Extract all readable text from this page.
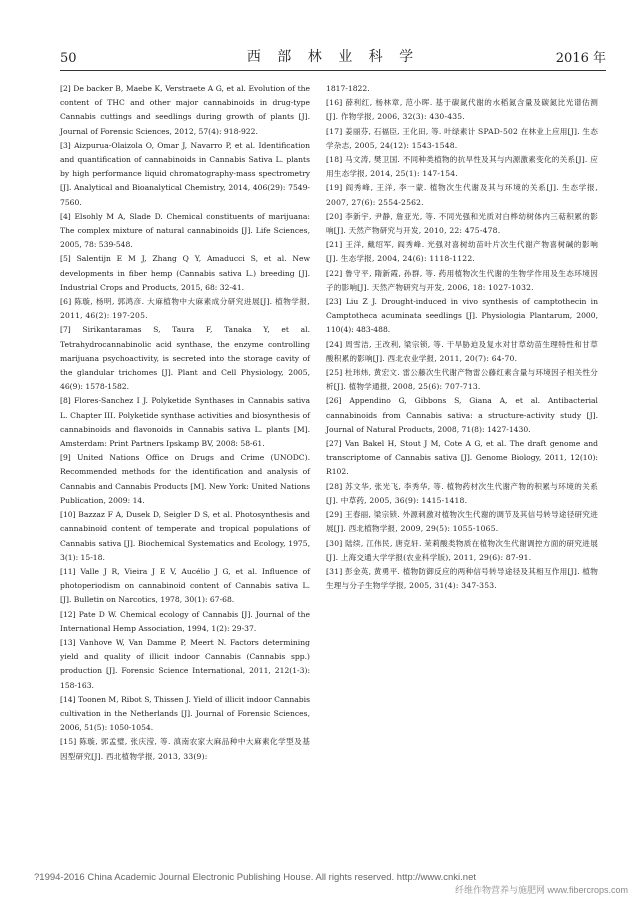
50	西 部 林 业 科 学	2016 年

[2] De backer B, Maebe K, Verstraete A G, et al. Evolution of the content of THC and other major cannabinoids in drug-type Cannabis cuttings and seedlings during growth of plants [J]. Journal of Forensic Sciences, 2012, 57(4): 918-922.

[3] Aizpurua-Olaizola O, Omar J, Navarro P, et al. Identification and quantification of cannabinoids in Cannabis Sativa L. plants by high performance liquid chromatography-mass spectrometry [J]. Analytical and Bioanalytical Chemistry, 2014, 406(29): 7549-7560.

[4] Elsohly M A, Slade D. Chemical constituents of marijuana: The complex mixture of natural cannabinoids [J]. Life Sciences, 2005, 78: 539-548.

[5] Salentijn E M J, Zhang Q Y, Amaducci S, et al. New developments in fiber hemp (Cannabis sativa L.) breeding [J]. Industrial Crops and Products, 2015, 68: 32-41.

[6] 陈璇, 杨明, 郭鸿彦. 大麻植物中大麻素成分研究进展[J]. 植物学报, 2011, 46(2): 197-205.

[7] Sirikantaramas S, Taura F, Tanaka Y, et al. Tetrahydrocannabinolic acid synthase, the enzyme controlling marijuana psychoactivity, is secreted into the storage cavity of the glandular trichomes [J]. Plant and Cell Physiology, 2005, 46(9): 1578-1582.

[8] Flores-Sanchez I J. Polyketide Synthases in Cannabis sativa L. Chapter III. Polyketide synthase activities and biosynthesis of cannabinoids and flavonoids in Cannabis sativa L. plants [M]. Amsterdam: Print Partners Ipskamp BV, 2008: 58-61.

[9] United Nations Office on Drugs and Crime (UNODC). Recommended methods for the identification and analysis of Cannabis and Cannabis Products [M]. New York: United Nations Publication, 2009: 14.

[10] Bazzaz F A, Dusek D, Seigler D S, et al. Photosynthesis and cannabinoid content of temperate and tropical populations of Cannabis sativa [J]. Biochemical Systematics and Ecology, 1975, 3(1): 15-18.

[11] Valle J R, Vieira J E V, Aucélio J G, et al. Influence of photoperiodism on cannabinoid content of Cannabis sativa L. [J]. Bulletin on Narcotics, 1978, 30(1): 67-68.

[12] Pate D W. Chemical ecology of Cannabis [J]. Journal of the International Hemp Association, 1994, 1(2): 29-37.

[13] Vanhove W, Van Damme P, Meert N. Factors determining yield and quality of illicit indoor Cannabis (Cannabis spp.) production [J]. Forensic Science International, 2011, 212(1-3): 158-163.

[14] Toonen M, Ribot S, Thissen J. Yield of illicit indoor Cannabis cultivation in the Netherlands [J]. Journal of Forensic Sciences, 2006, 51(5): 1050-1054.

[15] 陈璇, 郭孟璧, 张庆滢, 等. 滇南农家大麻品种中大麻素化学型及基因型研究[J]. 西北植物学报, 2013, 33(9):

1817-1822.

[16] 薛利红, 杨林章, 范小晖. 基于碳氮代谢的水稻氮含量及碳氮比光谱估测[J]. 作物学报, 2006, 32(3): 430-435.

[17] 姜丽芬, 石福臣, 王化田, 等. 叶绿素计 SPAD-502 在林业上应用[J]. 生态学杂志, 2005, 24(12): 1543-1548.

[18] 马文涛, 樊卫国. 不同种类植物的抗旱性及其与内源激素变化的关系[J]. 应用生态学报, 2014, 25(1): 147-154.

[19] 阎秀峰, 王洋, 李一蒙. 植物次生代谢及其与环境的关系[J]. 生态学报, 2007, 27(6): 2554-2562.

[20] 李新宇, 尹静, 詹亚光, 等. 不同光强和光质对白桦幼树体内三萜积累的影响[J]. 天然产物研究与开发, 2010, 22: 475-478.

[21] 王洋, 戴绍军, 阎秀峰. 光强对喜树幼苗叶片次生代谢产物喜树碱的影响[J]. 生态学报, 2004, 24(6): 1118-1122.

[22] 鲁守平, 隋新霞, 孙群, 等. 药用植物次生代谢的生物学作用及生态环境因子的影响[J]. 天然产物研究与开发, 2006, 18: 1027-1032.

[23] Liu Z J. Drought-induced in vivo synthesis of camptothecin in Camptotheca acuminata seedlings [J]. Physiologia Plantarum, 2000, 110(4): 483-488.

[24] 周雪洁, 王改利, 梁宗锁, 等. 干旱胁迫及复水对甘草幼苗生理特性和甘草酸积累的影响[J]. 西北农业学报, 2011, 20(7): 64-70.

[25] 杜玮炜, 黄宏文. 雷公藤次生代谢产物雷公藤红素含量与环境因子相关性分析[J]. 植物学通报, 2008, 25(6): 707-713.

[26] Appendino G, Gibbons S, Giana A, et al. Antibacterial cannabinoids from Cannabis sativa: a structure-activity study [J]. Journal of Natural Products, 2008, 71(8): 1427-1430.

[27] Van Bakel H, Stout J M, Cote A G, et al. The draft genome and transcriptome of Cannabis sativa [J]. Genome Biology, 2011, 12(10): R102.

[28] 苏文华, 张光飞, 李秀华, 等. 植物药材次生代谢产物的积累与环境的关系[J]. 中草药, 2005, 36(9): 1415-1418.

[29] 王春丽, 梁宗锁. 外源刺激对植物次生代谢的调节及其信号转导途径研究进展[J]. 西北植物学报, 2009, 29(5): 1055-1065.

[30] 陆续, 江伟民, 唐克轩. 茉莉酸类物质在植物次生代谢调控方面的研究进展[J]. 上海交通大学学报(农业科学版), 2011, 29(6): 87-91.

[31] 彭金英, 黄勇平. 植物防御反应的两种信号转导途径及其相互作用[J]. 植物生理与分子生物学学报, 2005, 31(4): 347-353.

?1994-2016 China Academic Journal Electronic Publishing House. All rights reserved. http://www.cnki.net
纤维作物营养与施肥网 www.fibercrops.com
